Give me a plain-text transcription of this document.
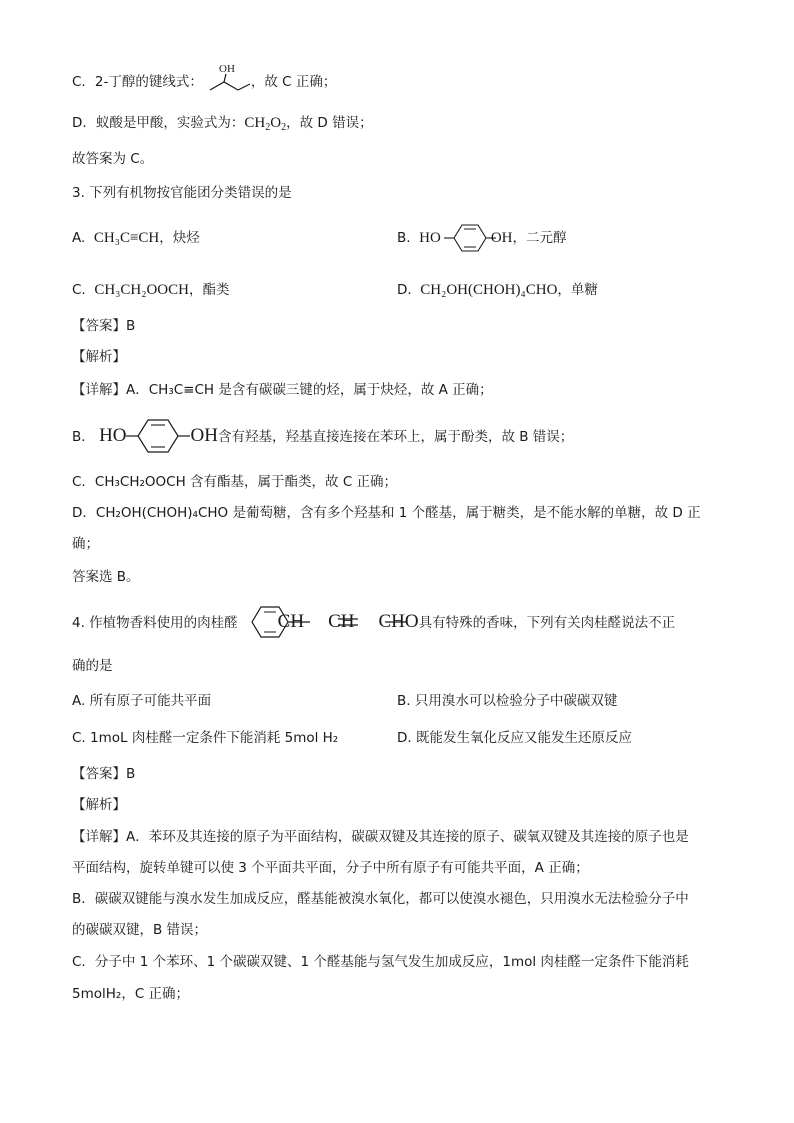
C．2-丁醇的键线式：	，故 C 正确；
OH
D．蚁酸是甲酸，实验式为：$CH_2O_2$，故 D 错误；
故答案为 C。
3. 下列有机物按官能团分类错误的是
A. CH₃C≡CH，炔烃	B. HO	OH，二元醇
C. CH₃CH₂OOCH，酯类	D. CH₂OH(CHOH)₄CHO，单糖
【答案】B
【解析】
【详解】A．CH₃C≡CH 是含有碳碳三键的烃，属于炔烃，故 A 正确；
B． HO	OH含有羟基，羟基直接连接在苯环上，属于酚类，故 B 错误；
C．CH₃CH₂OOCH 含有酯基，属于酯类，故 C 正确；
D．CH₂OH(CHOH)₄CHO 是葡萄糖，含有多个羟基和 1 个醛基，属于糖类，是不能水解的单糖，故 D 正
确；
答案选 B。
4. 作植物香料使用的肉桂醛 CH CH CHO具有特殊的香味，下列有关肉桂醛说法不正
确的是
A. 所有原子可能共平面	B. 只用溴水可以检验分子中碳碳双键
C. 1moL 肉桂醛一定条件下能消耗 5mol H₂	D. 既能发生氧化反应又能发生还原反应
【答案】B
【解析】
【详解】A．苯环及其连接的原子为平面结构，碳碳双键及其连接的原子、碳氧双键及其连接的原子也是
平面结构，旋转单键可以使 3 个平面共平面，分子中所有原子有可能共平面，A 正确；
B．碳碳双键能与溴水发生加成反应，醛基能被溴水氧化，都可以使溴水褪色，只用溴水无法检验分子中
的碳碳双键，B 错误；
C．分子中 1 个苯环、1 个碳碳双键、1 个醛基能与氢气发生加成反应，1mol 肉桂醛一定条件下能消耗
5molH₂，C 正确；
